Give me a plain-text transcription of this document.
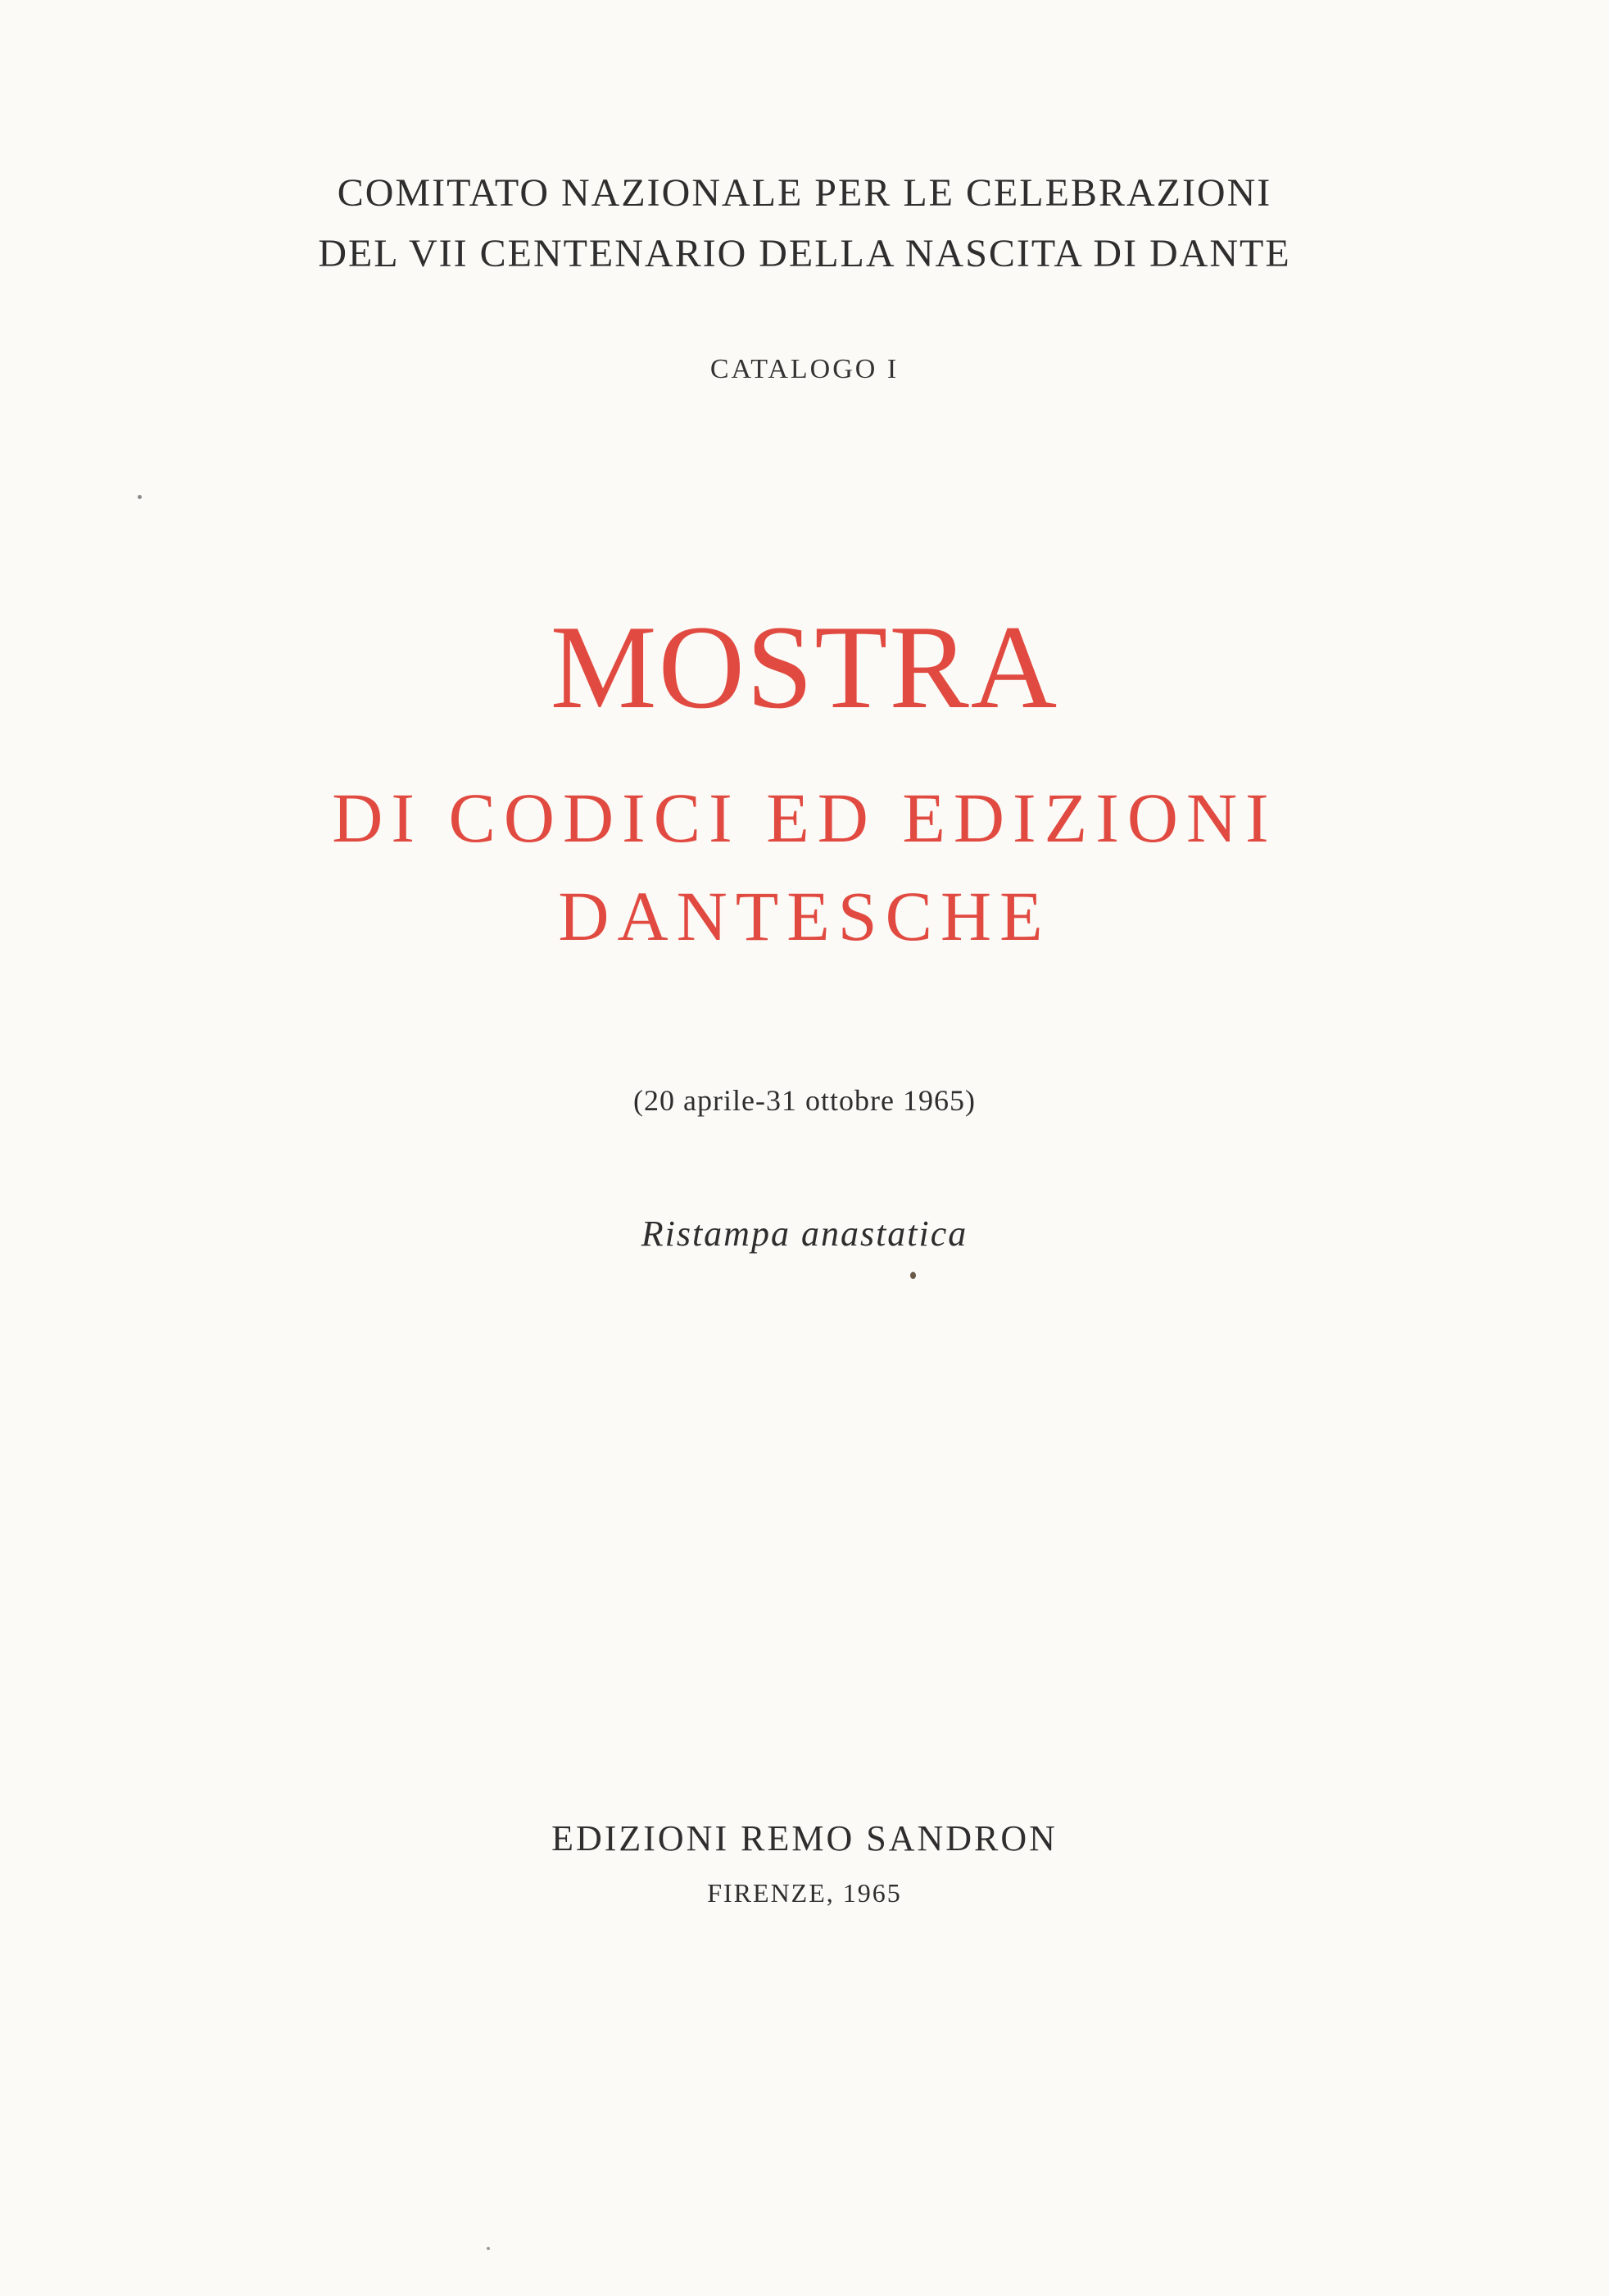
COMITATO NAZIONALE PER LE CELEBRAZIONI
DEL VII CENTENARIO DELLA NASCITA DI DANTE
CATALOGO I
MOSTRA
DI CODICI ED EDIZIONI
DANTESCHE
(20 aprile-31 ottobre 1965)
Ristampa anastatica
EDIZIONI REMO SANDRON
FIRENZE, 1965
